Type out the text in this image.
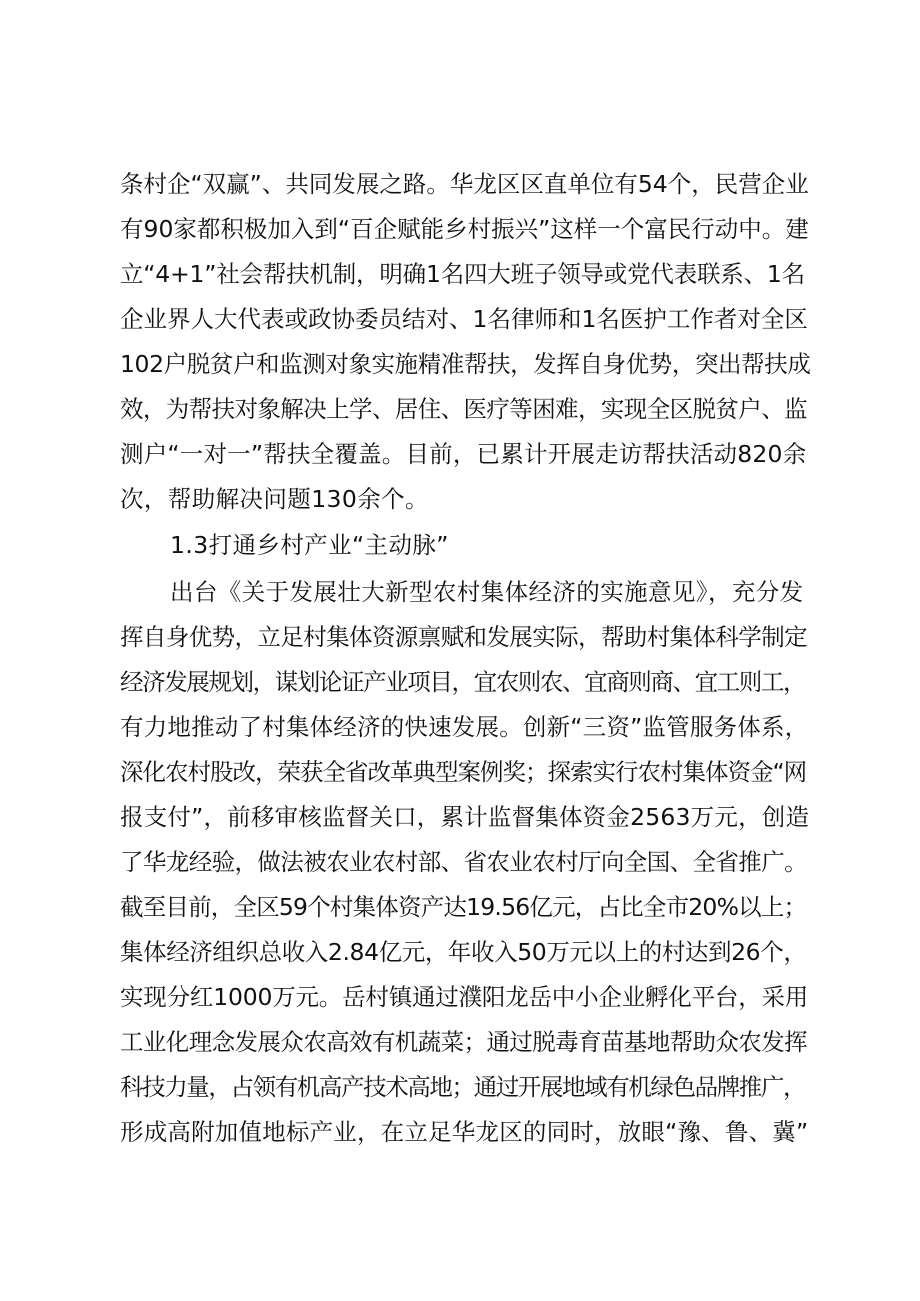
条村企“双赢”、共同发展之路。华龙区区直单位有54个，民营企业
有90家都积极加入到“百企赋能乡村振兴”这样一个富民行动中。建
立“4+1”社会帮扶机制，明确1名四大班子领导或党代表联系、1名
企业界人大代表或政协委员结对、1名律师和1名医护工作者对全区
102户脱贫户和监测对象实施精准帮扶，发挥自身优势，突出帮扶成
效，为帮扶对象解决上学、居住、医疗等困难，实现全区脱贫户、监
测户“一对一”帮扶全覆盖。目前，已累计开展走访帮扶活动820余
次，帮助解决问题130余个。
1.3打通乡村产业“主动脉”
出台《关于发展壮大新型农村集体经济的实施意见》，充分发
挥自身优势，立足村集体资源禀赋和发展实际，帮助村集体科学制定
经济发展规划，谋划论证产业项目，宜农则农、宜商则商、宜工则工，
有力地推动了村集体经济的快速发展。创新“三资”监管服务体系，
深化农村股改，荣获全省改革典型案例奖；探索实行农村集体资金“网
报支付”，前移审核监督关口，累计监督集体资金2563万元，创造
了华龙经验，做法被农业农村部、省农业农村厅向全国、全省推广。
截至目前，全区59个村集体资产达19.56亿元，占比全市20%以上；
集体经济组织总收入2.84亿元，年收入50万元以上的村达到26个，
实现分红1000万元。岳村镇通过濮阳龙岳中小企业孵化平台，采用
工业化理念发展众农高效有机蔬菜；通过脱毒育苗基地帮助众农发挥
科技力量，占领有机高产技术高地；通过开展地域有机绿色品牌推广，
形成高附加值地标产业，在立足华龙区的同时，放眼“豫、鲁、冀”
